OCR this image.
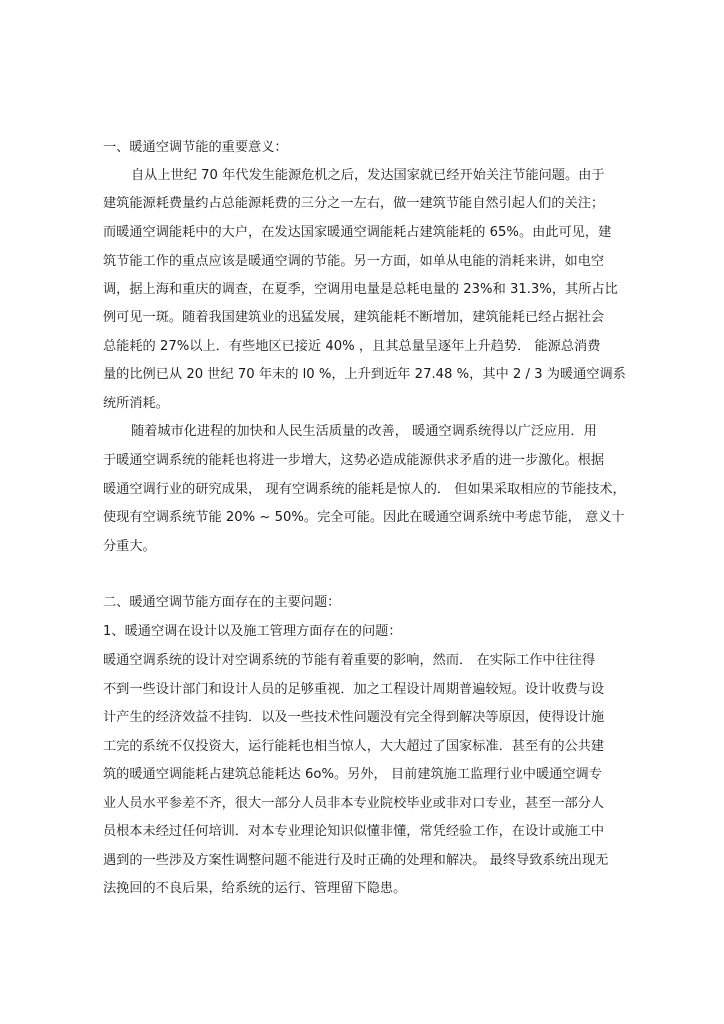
一、暖通空调节能的重要意义：
自从上世纪 70 年代发生能源危机之后，发达国家就已经开始关注节能问题。由于
建筑能源耗费量约占总能源耗费的三分之一左右，做一建筑节能自然引起人们的关注；
而暖通空调能耗中的大户，在发达国家暖通空调能耗占建筑能耗的 65%。由此可见，建
筑节能工作的重点应该是暖通空调的节能。另一方面，如单从电能的消耗来讲，如电空
调，据上海和重庆的调查，在夏季，空调用电量是总耗电量的 23%和 31.3%，其所占比
例可见一斑。随着我国建筑业的迅猛发展，建筑能耗不断增加，建筑能耗已经占据社会
总能耗的 27%以上．有些地区已接近 40% ，且其总量呈逐年上升趋势． 能源总消费
量的比例已从 20 世纪 70 年末的 l0 %，上升到近年 27.48 %，其中 2 / 3 为暖通空调系
统所消耗。
随着城市化进程的加快和人民生活质量的改善， 暖通空调系统得以广泛应用．用
于暖通空调系统的能耗也将进一步增大，这势必造成能源供求矛盾的进一步激化。根据
暖通空调行业的研究成果， 现有空调系统的能耗是惊人的． 但如果采取相应的节能技术，
使现有空调系统节能 20% ~ 50%。完全可能。因此在暖通空调系统中考虑节能， 意义十
分重大。
二、暖通空调节能方面存在的主要问题：
1、暖通空调在设计以及施工管理方面存在的问题：
暖通空调系统的设计对空调系统的节能有着重要的影响，然而． 在实际工作中往往得
不到一些设计部门和设计人员的足够重视．加之工程设计周期普遍较短。设计收费与设
计产生的经济效益不挂钩．以及一些技术性问题没有完全得到解决等原因，使得设计施
工完的系统不仅投资大，运行能耗也相当惊人，大大超过了国家标准．甚至有的公共建
筑的暖通空调能耗占建筑总能耗达 6o%。另外， 目前建筑施工监理行业中暖通空调专
业人员水平参差不齐，很大一部分人员非本专业院校毕业或非对口专业，甚至一部分人
员根本未经过任何培训．对本专业理论知识似懂非懂，常凭经验工作，在设计或施工中
遇到的一些涉及方案性调整问题不能进行及时正确的处理和解决。 最终导致系统出现无
法挽回的不良后果，给系统的运行、管理留下隐患。
